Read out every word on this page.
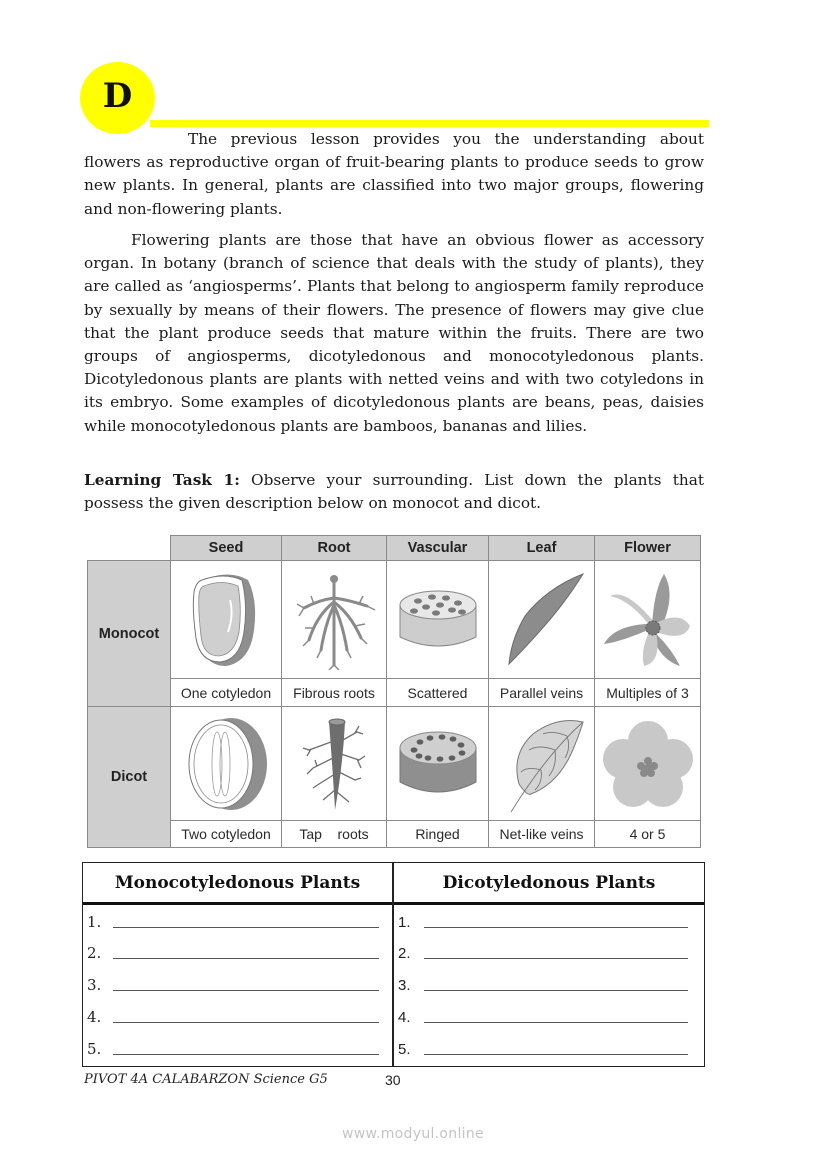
D

The previous lesson provides you the understanding about flowers as reproductive organ of fruit-bearing plants to produce seeds to grow new plants. In general, plants are classified into two major groups, flowering and non-flowering plants.

Flowering plants are those that have an obvious flower as accessory organ. In botany (branch of science that deals with the study of plants), they are called as ‘angiosperms’. Plants that belong to angiosperm family reproduce by sexually by means of their flowers. The presence of flowers may give clue that the plant produce seeds that mature within the fruits. There are two groups of angiosperms, dicotyledonous and monocotyledonous plants. Dicotyledonous plants are plants with netted veins and with two cotyledons in its embryo. Some examples of dicotyledonous plants are beans, peas, daisies while monocotyledonous plants are bamboos, bananas and lilies.

Learning Task 1: Observe your surrounding. List down the plants that possess the given description below on monocot and dicot.

Seed	Root	Vascular	Leaf	Flower
Monocot
One cotyledon	Fibrous roots	Scattered	Parallel veins	Multiples of 3
Dicot
Two cotyledon	Tap    roots	Ringed	Net-like veins	4 or 5
Monocotyledonous Plants	Dicotyledonous Plants
1.
2.
3.
4.
5.
1.
2.
3.
4.
5.
PIVOT 4A CALABARZON Science G5	30
www.modyul.online
